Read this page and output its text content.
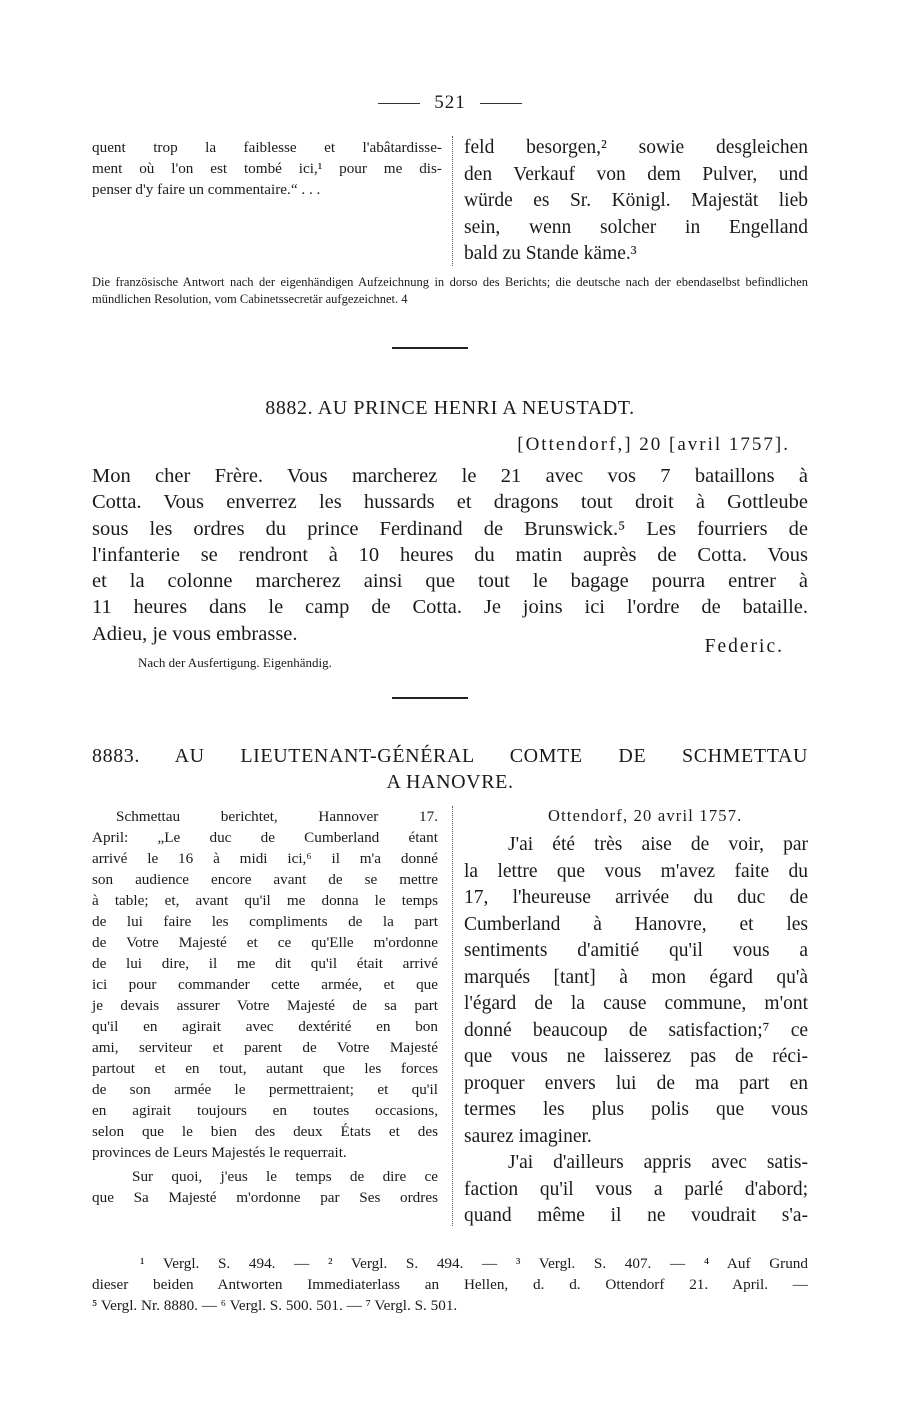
521
quent trop la faiblesse et l'abâtardisse-
ment où l'on est tombé ici,¹ pour me dis-
penser d'y faire un commentaire.“ . . .
feld besorgen,² sowie desgleichen
den Verkauf von dem Pulver, und
würde es Sr. Königl. Majestät lieb
sein, wenn solcher in Engelland
bald zu Stande käme.³
Die französische Antwort nach der eigenhändigen Aufzeichnung in dorso des Berichts; die deutsche nach der ebendaselbst befindlichen mündlichen Resolution, vom Cabinetssecretär aufgezeichnet. 4
8882. AU PRINCE HENRI A NEUSTADT.
[Ottendorf,] 20 [avril 1757].
Mon cher Frère. Vous marcherez le 21 avec vos 7 bataillons à
Cotta. Vous enverrez les hussards et dragons tout droit à Gottleube
sous les ordres du prince Ferdinand de Brunswick.⁵ Les fourriers de
l'infanterie se rendront à 10 heures du matin auprès de Cotta. Vous
et la colonne marcherez ainsi que tout le bagage pourra entrer à
11 heures dans le camp de Cotta. Je joins ici l'ordre de bataille.
Adieu, je vous embrasse.
Federic.
Nach der Ausfertigung. Eigenhändig.
8883. AU LIEUTENANT-GÉNÉRAL COMTE DE SCHMETTAU
A HANOVRE.
Schmettau berichtet, Hannover 17.
April: „Le duc de Cumberland étant
arrivé le 16 à midi ici,⁶ il m'a donné
son audience encore avant de se mettre
à table; et, avant qu'il me donna le temps
de lui faire les compliments de la part
de Votre Majesté et ce qu'Elle m'ordonne
de lui dire, il me dit qu'il était arrivé
ici pour commander cette armée, et que
je devais assurer Votre Majesté de sa part
qu'il en agirait avec dextérité en bon
ami, serviteur et parent de Votre Majesté
partout et en tout, autant que les forces
de son armée le permettraient; et qu'il
en agirait toujours en toutes occasions,
selon que le bien des deux États et des
provinces de Leurs Majestés le requerrait.
Sur quoi, j'eus le temps de dire ce
que Sa Majesté m'ordonne par Ses ordres
Ottendorf, 20 avril 1757.
J'ai été très aise de voir, par
la lettre que vous m'avez faite du
17, l'heureuse arrivée du duc de
Cumberland à Hanovre, et les
sentiments d'amitié qu'il vous a
marqués [tant] à mon égard qu'à
l'égard de la cause commune, m'ont
donné beaucoup de satisfaction;⁷ ce
que vous ne laisserez pas de réci-
proquer envers lui de ma part en
termes les plus polis que vous
saurez imaginer.
J'ai d'ailleurs appris avec satis-
faction qu'il vous a parlé d'abord;
quand même il ne voudrait s'a-
¹ Vergl. S. 494. — ² Vergl. S. 494. — ³ Vergl. S. 407. — ⁴ Auf Grund
dieser beiden Antworten Immediaterlass an Hellen, d. d. Ottendorf 21. April. —
⁵ Vergl. Nr. 8880. — ⁶ Vergl. S. 500. 501. — ⁷ Vergl. S. 501.
